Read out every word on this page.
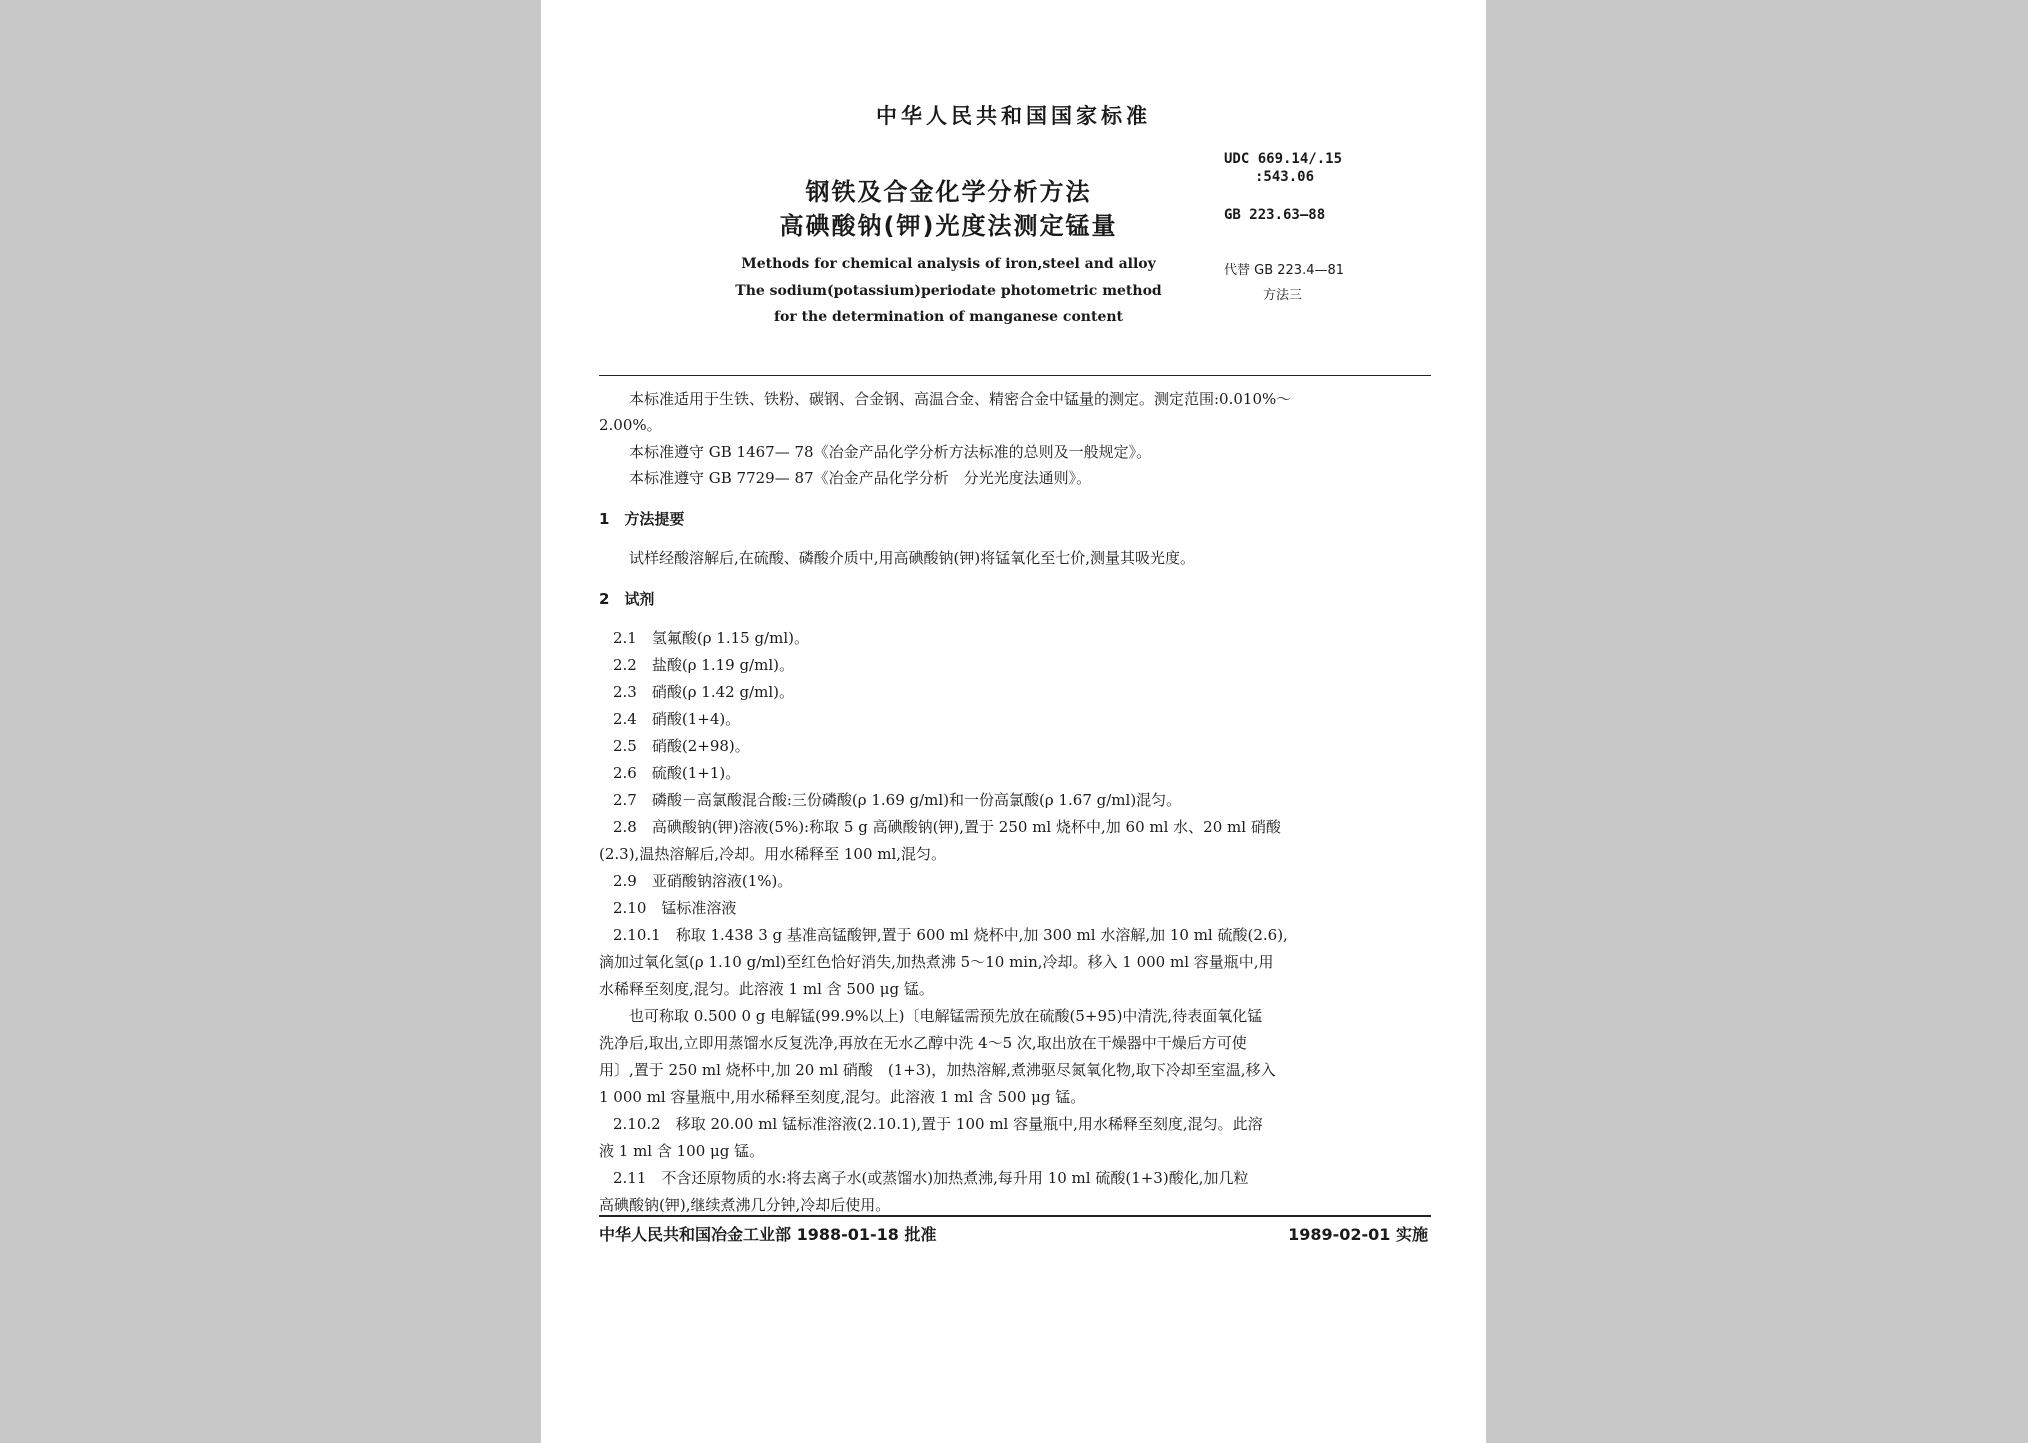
中华人民共和国国家标准
钢铁及合金化学分析方法
高碘酸钠(钾)光度法测定锰量
Methods for chemical analysis of iron,steel and alloy
The sodium(potassium)periodate photometric method
for the determination of manganese content
UDC 669.14/.15
:543.06
GB 223.63—88
代替 GB 223.4—81
方法三
本标准适用于生铁、铁粉、碳钢、合金钢、高温合金、精密合金中锰量的测定。测定范围:0.010%～
2.00%。
本标准遵守 GB 1467— 78《冶金产品化学分析方法标准的总则及一般规定》。
本标准遵守 GB 7729— 87《冶金产品化学分析　分光光度法通则》。
1　方法提要
试样经酸溶解后,在硫酸、磷酸介质中,用高碘酸钠(钾)将锰氧化至七价,测量其吸光度。
2　试剂
2.1　氢氟酸(ρ 1.15 g/ml)。
2.2　盐酸(ρ 1.19 g/ml)。
2.3　硝酸(ρ 1.42 g/ml)。
2.4　硝酸(1+4)。
2.5　硝酸(2+98)。
2.6　硫酸(1+1)。
2.7　磷酸－高氯酸混合酸:三份磷酸(ρ 1.69 g/ml)和一份高氯酸(ρ 1.67 g/ml)混匀。
2.8　高碘酸钠(钾)溶液(5%):称取 5 g 高碘酸钠(钾),置于 250 ml 烧杯中,加 60 ml 水、20 ml 硝酸
(2.3),温热溶解后,冷却。用水稀释至 100 ml,混匀。
2.9　亚硝酸钠溶液(1%)。
2.10　锰标准溶液
2.10.1　称取 1.438 3 g 基准高锰酸钾,置于 600 ml 烧杯中,加 300 ml 水溶解,加 10 ml 硫酸(2.6),
滴加过氧化氢(ρ 1.10 g/ml)至红色恰好消失,加热煮沸 5～10 min,冷却。移入 1 000 ml 容量瓶中,用
水稀释至刻度,混匀。此溶液 1 ml 含 500 μg 锰。
也可称取 0.500 0 g 电解锰(99.9%以上)〔电解锰需预先放在硫酸(5+95)中清洗,待表面氧化锰
洗净后,取出,立即用蒸馏水反复洗净,再放在无水乙醇中洗 4～5 次,取出放在干燥器中干燥后方可使
用〕,置于 250 ml 烧杯中,加 20 ml 硝酸　(1+3)，加热溶解,煮沸驱尽氮氧化物,取下冷却至室温,移入
1 000 ml 容量瓶中,用水稀释至刻度,混匀。此溶液 1 ml 含 500 μg 锰。
2.10.2　移取 20.00 ml 锰标准溶液(2.10.1),置于 100 ml 容量瓶中,用水稀释至刻度,混匀。此溶
液 1 ml 含 100 μg 锰。
2.11　不含还原物质的水:将去离子水(或蒸馏水)加热煮沸,每升用 10 ml 硫酸(1+3)酸化,加几粒
高碘酸钠(钾),继续煮沸几分钟,冷却后使用。
中华人民共和国冶金工业部 1988-01-18 批准	1989-02-01 实施
